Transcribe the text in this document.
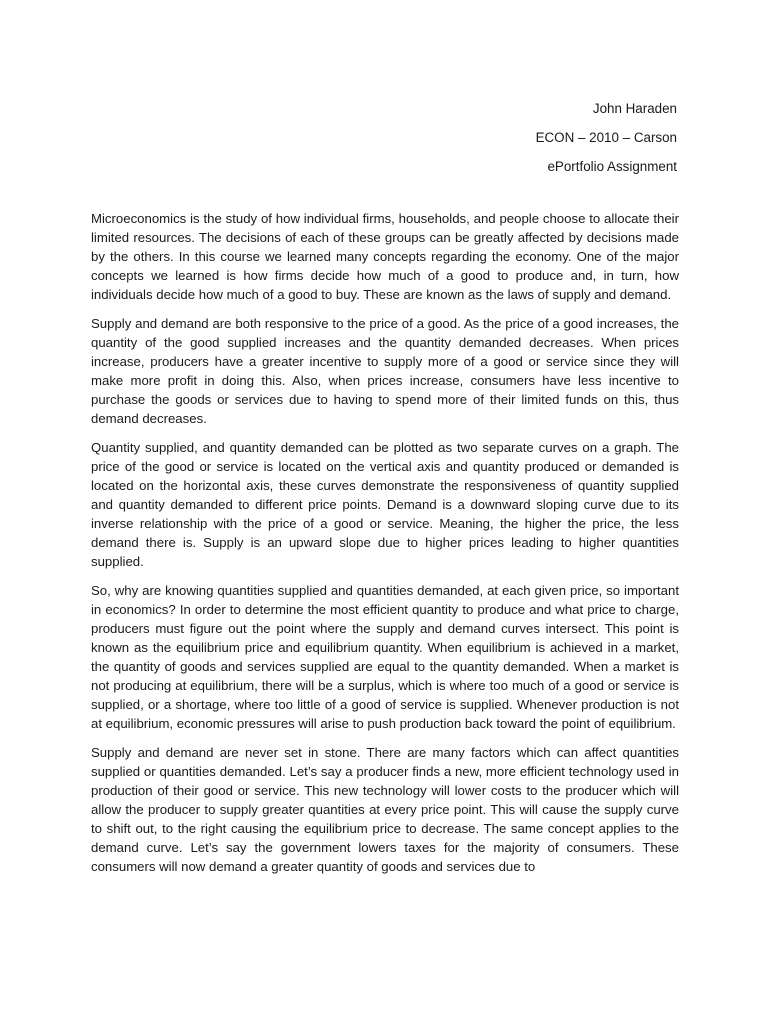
John Haraden
ECON – 2010 – Carson
ePortfolio Assignment

Microeconomics is the study of how individual firms, households, and people choose to allocate their limited resources. The decisions of each of these groups can be greatly affected by decisions made by the others. In this course we learned many concepts regarding the economy. One of the major concepts we learned is how firms decide how much of a good to produce and, in turn, how individuals decide how much of a good to buy. These are known as the laws of supply and demand.

Supply and demand are both responsive to the price of a good. As the price of a good increases, the quantity of the good supplied increases and the quantity demanded decreases. When prices increase, producers have a greater incentive to supply more of a good or service since they will make more profit in doing this. Also, when prices increase, consumers have less incentive to purchase the goods or services due to having to spend more of their limited funds on this, thus demand decreases.

Quantity supplied, and quantity demanded can be plotted as two separate curves on a graph. The price of the good or service is located on the vertical axis and quantity produced or demanded is located on the horizontal axis, these curves demonstrate the responsiveness of quantity supplied and quantity demanded to different price points. Demand is a downward sloping curve due to its inverse relationship with the price of a good or service. Meaning, the higher the price, the less demand there is. Supply is an upward slope due to higher prices leading to higher quantities supplied.

So, why are knowing quantities supplied and quantities demanded, at each given price, so important in economics? In order to determine the most efficient quantity to produce and what price to charge, producers must figure out the point where the supply and demand curves intersect. This point is known as the equilibrium price and equilibrium quantity. When equilibrium is achieved in a market, the quantity of goods and services supplied are equal to the quantity demanded. When a market is not producing at equilibrium, there will be a surplus, which is where too much of a good or service is supplied, or a shortage, where too little of a good of service is supplied. Whenever production is not at equilibrium, economic pressures will arise to push production back toward the point of equilibrium.

Supply and demand are never set in stone. There are many factors which can affect quantities supplied or quantities demanded. Let’s say a producer finds a new, more efficient technology used in production of their good or service. This new technology will lower costs to the producer which will allow the producer to supply greater quantities at every price point. This will cause the supply curve to shift out, to the right causing the equilibrium price to decrease. The same concept applies to the demand curve. Let’s say the government lowers taxes for the majority of consumers. These consumers will now demand a greater quantity of goods and services due to
